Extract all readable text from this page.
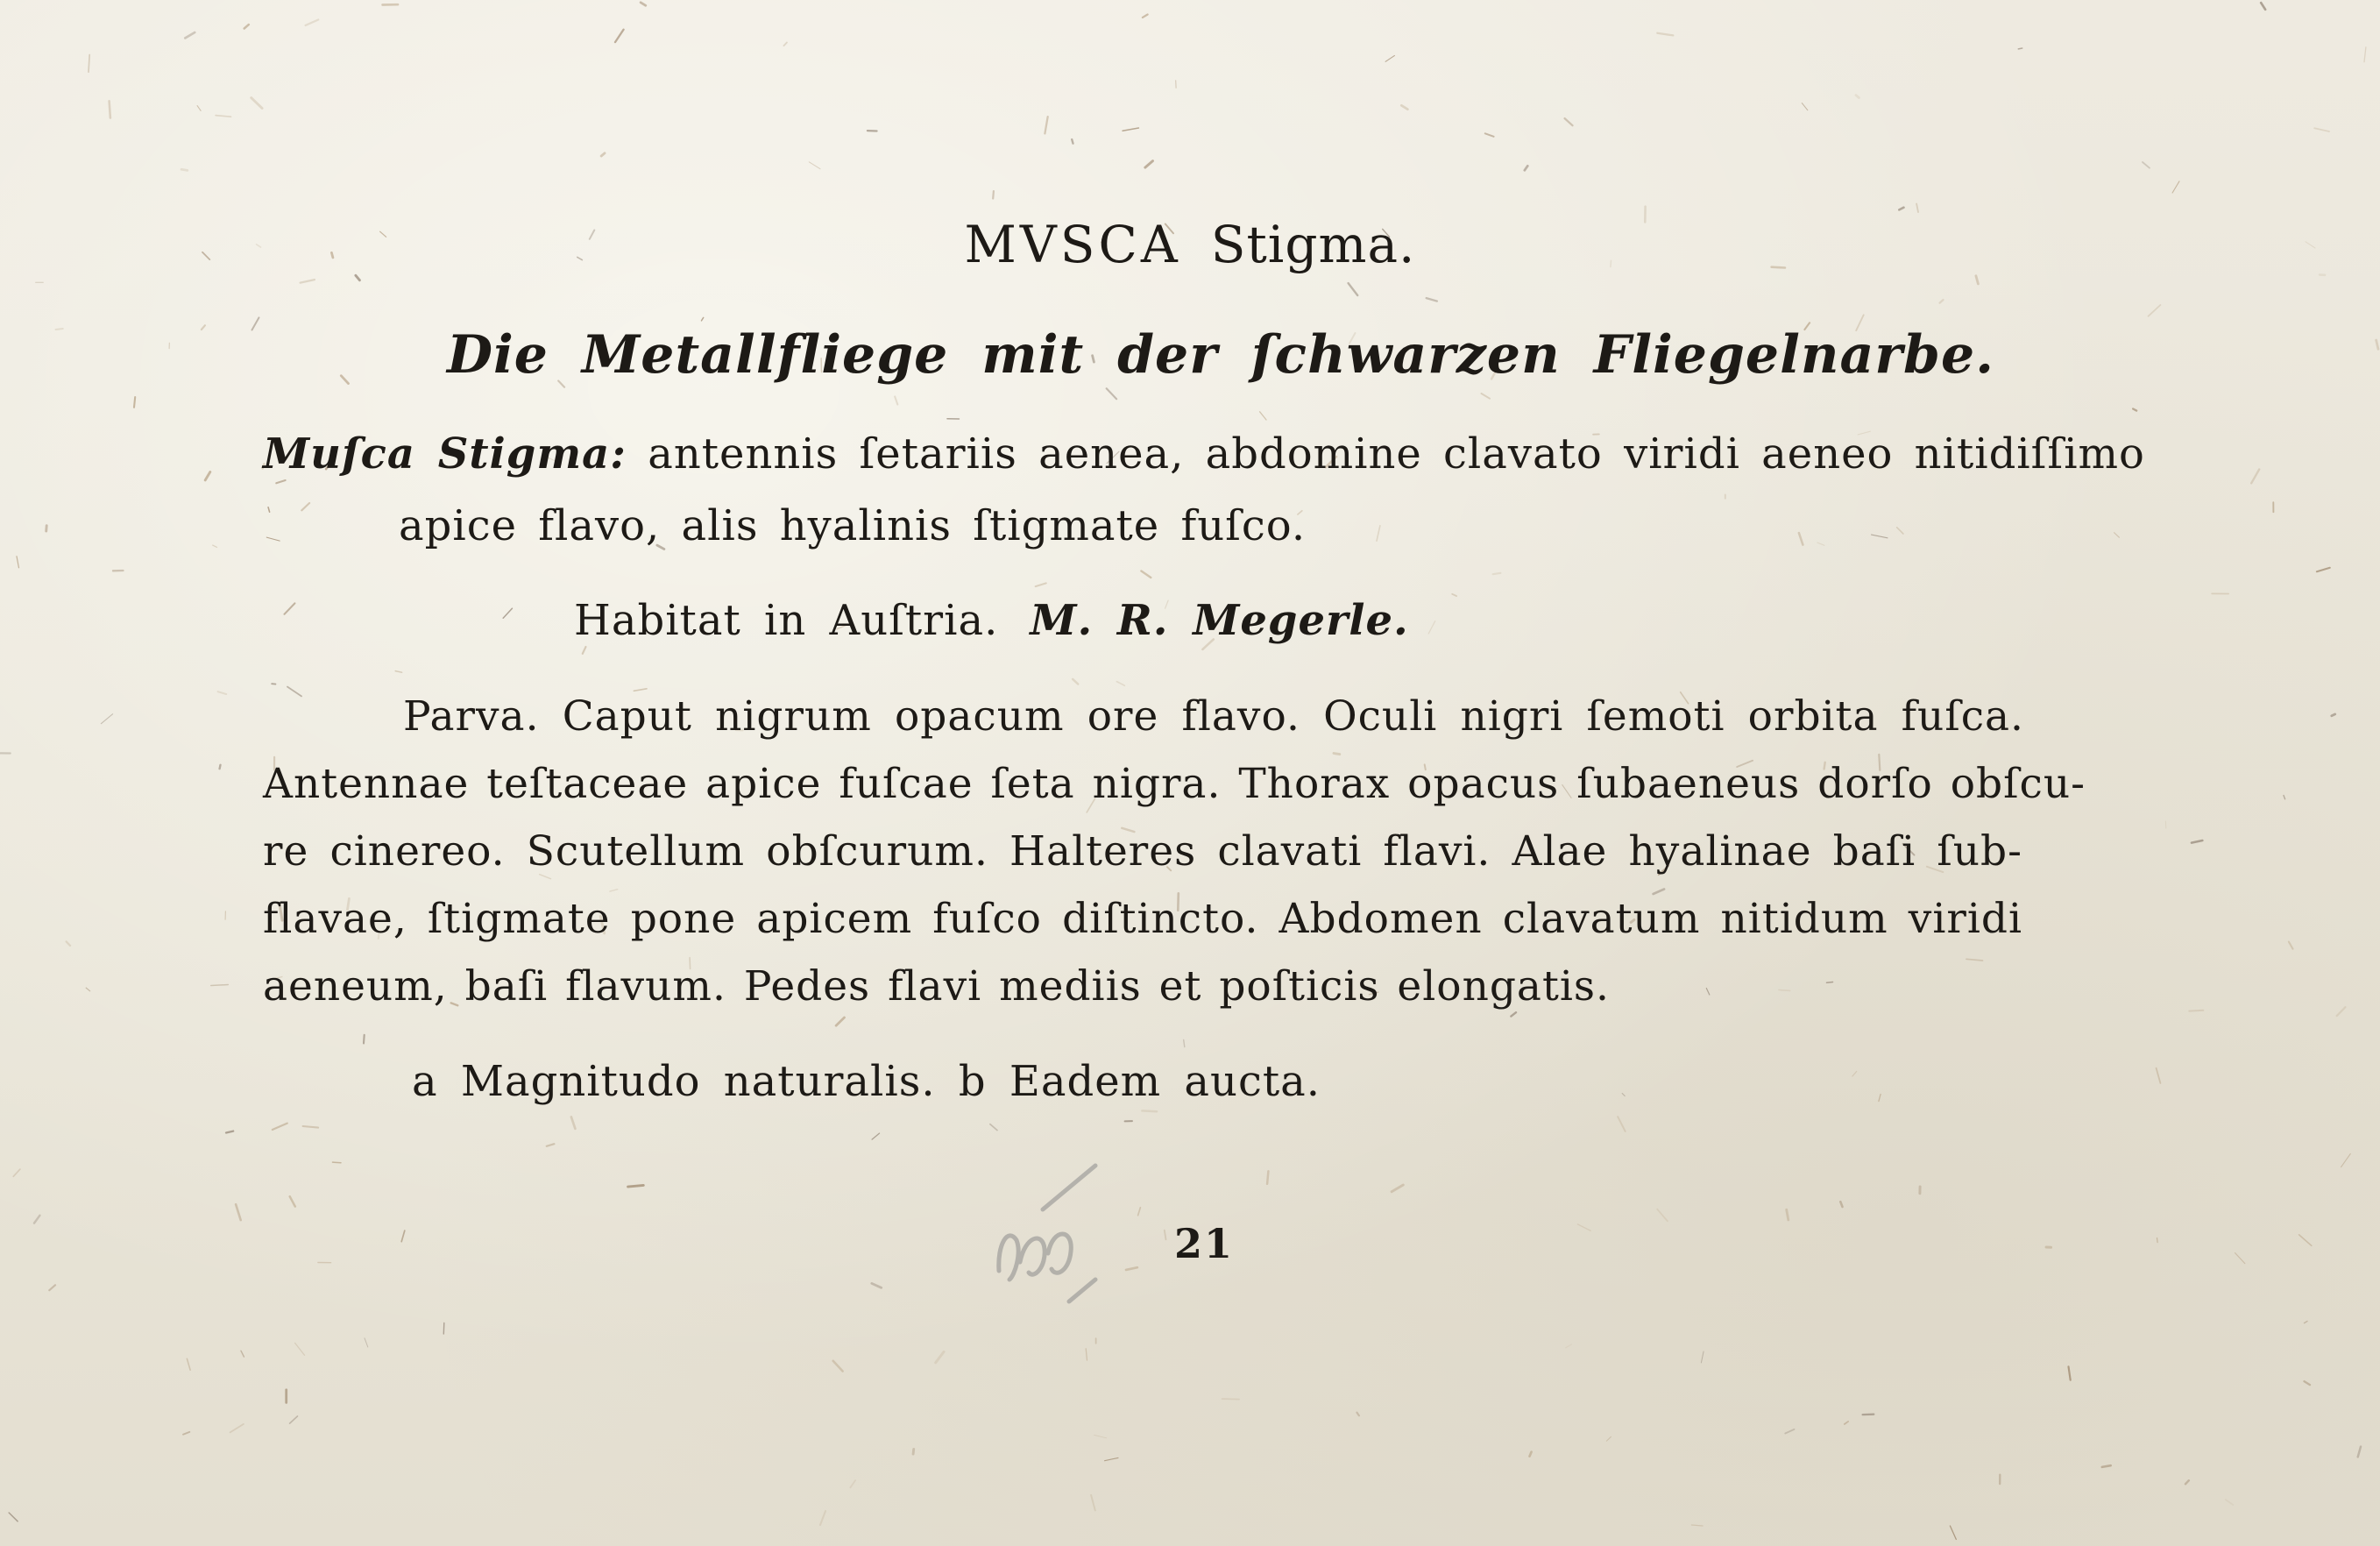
MVSCA Stigma.

Die Metallfliege mit der ſchwarzen Fliegelnarbe.

Muſca Stigma: antennis ſetariis aenea, abdomine clavato viridi aeneo nitidiſſimo

apice flavo, alis hyalinis ſtigmate fuſco.

Habitat in Auſtria. M. R. Megerle.

Parva. Caput nigrum opacum ore flavo. Oculi nigri ſemoti orbita fuſca.

Antennae teſtaceae apice fuſcae ſeta nigra. Thorax opacus ſubaeneus dorſo obſcu-

re cinereo. Scutellum obſcurum. Halteres clavati flavi. Alae hyalinae baſi ſub-

flavae, ſtigmate pone apicem fuſco diſtincto. Abdomen clavatum nitidum viridi

aeneum, baſi flavum. Pedes flavi mediis et poſticis elongatis.

a Magnitudo naturalis. b Eadem aucta.

21
